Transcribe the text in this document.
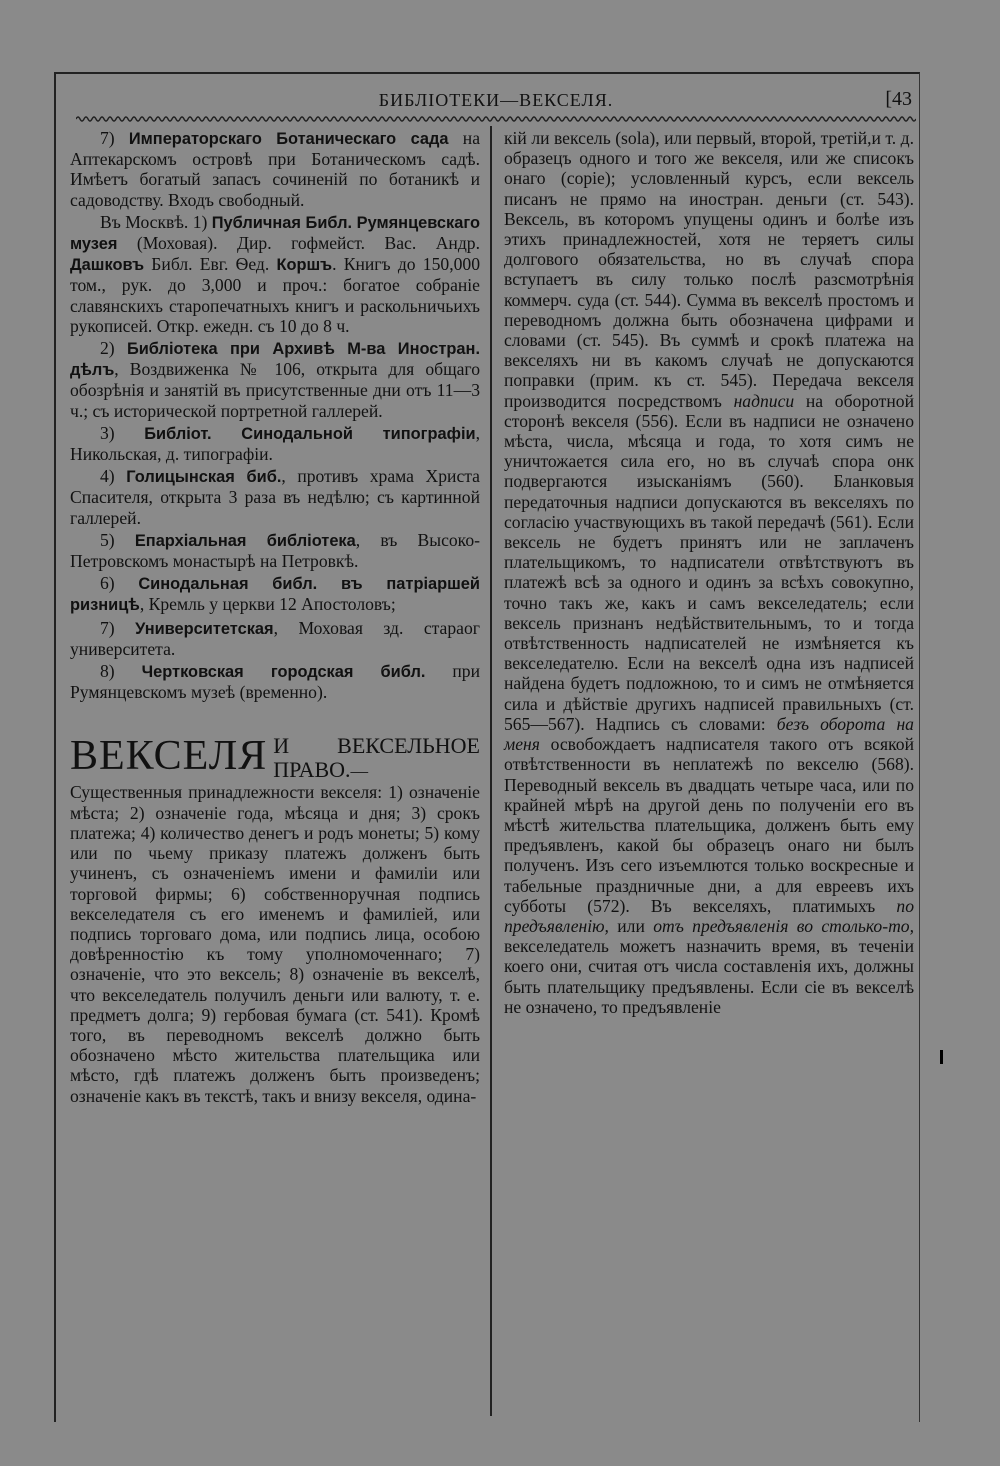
БИБЛІОТЕКИ—ВЕКСЕЛЯ.	[43

7) Императорскаго Ботаническаго сада на Аптекарскомъ островѣ при Ботаническомъ садѣ. Имѣетъ богатый запасъ сочиненій по ботаникѣ и садоводству. Входъ свободный.

Въ Москвѣ. 1) Публичная Библ. Румянцевскаго музея (Моховая). Дир. гофмейст. Вас. Андр. Дашковъ Библ. Евг. Ѳед. Коршъ. Книгъ до 150,000 том., рук. до 3,000 и проч.: богатое собраніе славянскихъ старопечатныхъ книгъ и раскольничьихъ рукописей. Откр. ежедн. съ 10 до 8 ч.

2) Библіотека при Архивѣ М-ва Иностран. дѣлъ, Воздвиженка № 106, открыта для общаго обозрѣнія и занятій въ присутственные дни отъ 11—3 ч.; съ исторической портретной галлерей.

3) Библіот. Синодальной типографіи, Никольская, д. типографіи.

4) Голицынская биб., противъ храма Христа Спасителя, открыта 3 раза въ недѣлю; съ картинной галлерей.

5) Епархіальная библіотека, въ Высоко-Петровскомъ монастырѣ на Петровкѣ.

6) Синодальная библ. въ патріаршей ризницѣ, Кремль у церкви 12 Апостоловъ;

7) Университетская, Моховая зд. стараог университета.

8) Чертковская городская библ. при Румянцевскомъ музеѣ (временно).

ВЕКСЕЛЯ И ВЕКСЕЛЬНОЕ ПРАВО.—Существенныя принадлежности векселя: 1) означеніе мѣста; 2) означеніе года, мѣсяца и дня; 3) срокъ платежа; 4) количество денегъ и родъ монеты; 5) кому или по чьему приказу платежъ долженъ быть учиненъ, съ означеніемъ имени и фамиліи или торговой фирмы; 6) собственноручная подпись векселедателя съ его именемъ и фамиліей, или подпись торговаго дома, или подпись лица, особою довѣренностію къ тому уполномоченнаго; 7) означеніе, что это вексель; 8) означеніе въ векселѣ, что векселедатель получилъ деньги или валюту, т. е. предметъ долга; 9) гербовая бумага (ст. 541). Кромѣ того, въ переводномъ векселѣ должно быть обозначено мѣсто жительства плательщика или мѣсто, гдѣ платежъ долженъ быть произведенъ; означеніе какъ въ текстѣ, такъ и внизу векселя, одина-

кій ли вексель (sola), или первый, второй, третій,и т. д. образецъ одного и того же векселя, или же списокъ онаго (copie); условленный курсъ, если вексель писанъ не прямо на иностран. деньги (ст. 543). Вексель, въ которомъ упущены одинъ и болѣе изъ этихъ принадлежностей, хотя не теряетъ силы долгового обязательства, но въ случаѣ спора вступаетъ въ силу только послѣ разсмотрѣнія коммерч. суда (ст. 544). Сумма въ векселѣ простомъ и переводномъ должна быть обозначена цифрами и словами (ст. 545). Въ суммѣ и срокѣ платежа на векселяхъ ни въ какомъ случаѣ не допускаются поправки (прим. къ ст. 545). Передача векселя производится посредствомъ надписи на оборотной сторонѣ векселя (556). Если въ надписи не означено мѣста, числа, мѣсяца и года, то хотя симъ не уничтожается сила его, но въ случаѣ спора онк подвергаются изысканіямъ (560). Бланковыя передаточныя надписи допускаются въ векселяхъ по согласію участвующихъ въ такой передачѣ (561). Если вексель не будетъ принятъ или не заплаченъ плательщикомъ, то надписатели отвѣтствуютъ въ платежѣ всѣ за одного и одинъ за всѣхъ совокупно, точно такъ же, какъ и самъ векселедатель; если вексель признанъ недѣйствительнымъ, то и тогда отвѣтственность надписателей не измѣняется къ векселедателю. Если на векселѣ одна изъ надписей найдена будетъ подложною, то и симъ не отмѣняется сила и дѣйствіе другихъ надписей правильныхъ (ст. 565—567). Надпись съ словами: безъ оборота на меня освобождаетъ надписателя такого отъ всякой отвѣтственности въ неплатежѣ по векселю (568). Переводный вексель въ двадцать четыре часа, или по крайней мѣрѣ на другой день по полученіи его въ мѣстѣ жительства плательщика, долженъ быть ему предъявленъ, какой бы образецъ онаго ни былъ полученъ. Изъ сего изъемлются только воскресные и табельные праздничные дни, а для евреевъ ихъ субботы (572). Въ векселяхъ, платимыхъ по предъявленію, или отъ предъявленія во столько-то, векселедатель можетъ назначить время, въ теченіи коего они, считая отъ числа составленія ихъ, должны быть плательщику предъявлены. Если сіе въ векселѣ не означено, то предъявленіе
